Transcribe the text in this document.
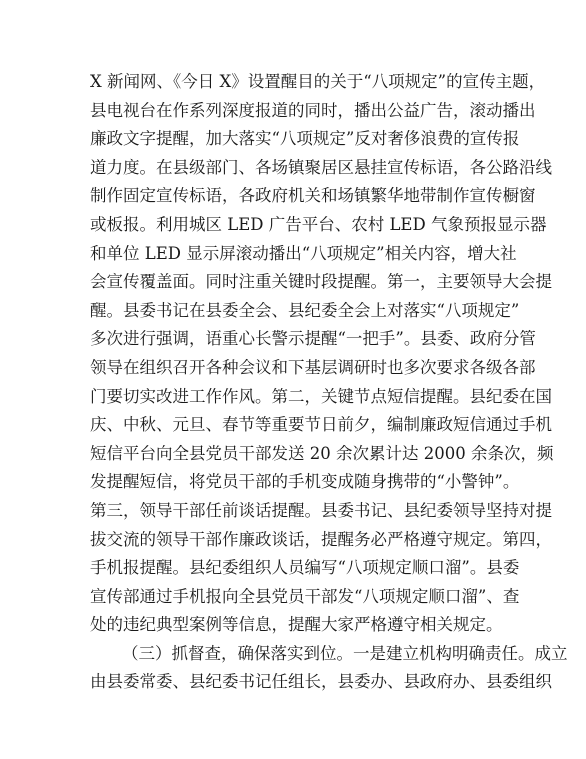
X 新闻网、《今日 X》设置醒目的关于“八项规定”的宣传主题，
县电视台在作系列深度报道的同时，播出公益广告，滚动播出
廉政文字提醒，加大落实“八项规定”反对奢侈浪费的宣传报
道力度。在县级部门、各场镇聚居区悬挂宣传标语，各公路沿线
制作固定宣传标语，各政府机关和场镇繁华地带制作宣传橱窗
或板报。利用城区 LED 广告平台、农村 LED 气象预报显示器
和单位 LED 显示屏滚动播出“八项规定”相关内容，增大社
会宣传覆盖面。同时注重关键时段提醒。第一，主要领导大会提
醒。县委书记在县委全会、县纪委全会上对落实“八项规定”
多次进行强调，语重心长警示提醒“一把手”。县委、政府分管
领导在组织召开各种会议和下基层调研时也多次要求各级各部
门要切实改进工作作风。第二，关键节点短信提醒。县纪委在国
庆、中秋、元旦、春节等重要节日前夕，编制廉政短信通过手机
短信平台向全县党员干部发送 20 余次累计达 2000 余条次，频
发提醒短信，将党员干部的手机变成随身携带的“小警钟”。
第三，领导干部任前谈话提醒。县委书记、县纪委领导坚持对提
拔交流的领导干部作廉政谈话，提醒务必严格遵守规定。第四，
手机报提醒。县纪委组织人员编写“八项规定顺口溜”。县委
宣传部通过手机报向全县党员干部发“八项规定顺口溜”、查
处的违纪典型案例等信息，提醒大家严格遵守相关规定。
（三）抓督查，确保落实到位。一是建立机构明确责任。成立
由县委常委、县纪委书记任组长，县委办、县政府办、县委组织
